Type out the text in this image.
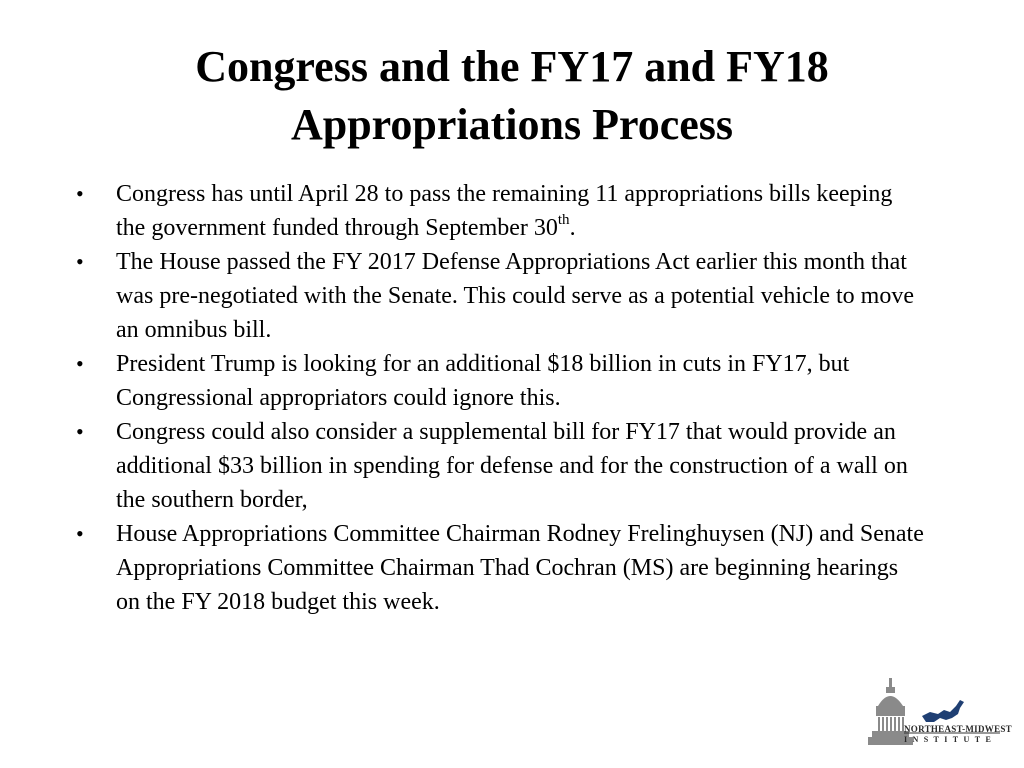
Congress and the FY17 and FY18
Appropriations Process
• Congress has until April 28 to pass the remaining 11 appropriations bills keeping the government funded through September 30th.
• The House passed the FY 2017 Defense Appropriations Act earlier this month that was pre-negotiated with the Senate. This could serve as a potential vehicle to move an omnibus bill.
• President Trump is looking for an additional $18 billion in cuts in FY17, but Congressional appropriators could ignore this.
• Congress could also consider a supplemental bill for FY17 that would provide an additional $33 billion in spending for defense and for the construction of a wall on the southern border,
• House Appropriations Committee Chairman Rodney Frelinghuysen (NJ) and Senate Appropriations Committee Chairman Thad Cochran (MS) are beginning hearings on the FY 2018 budget this week.
NORTHEAST-MIDWEST
INSTITUTE
